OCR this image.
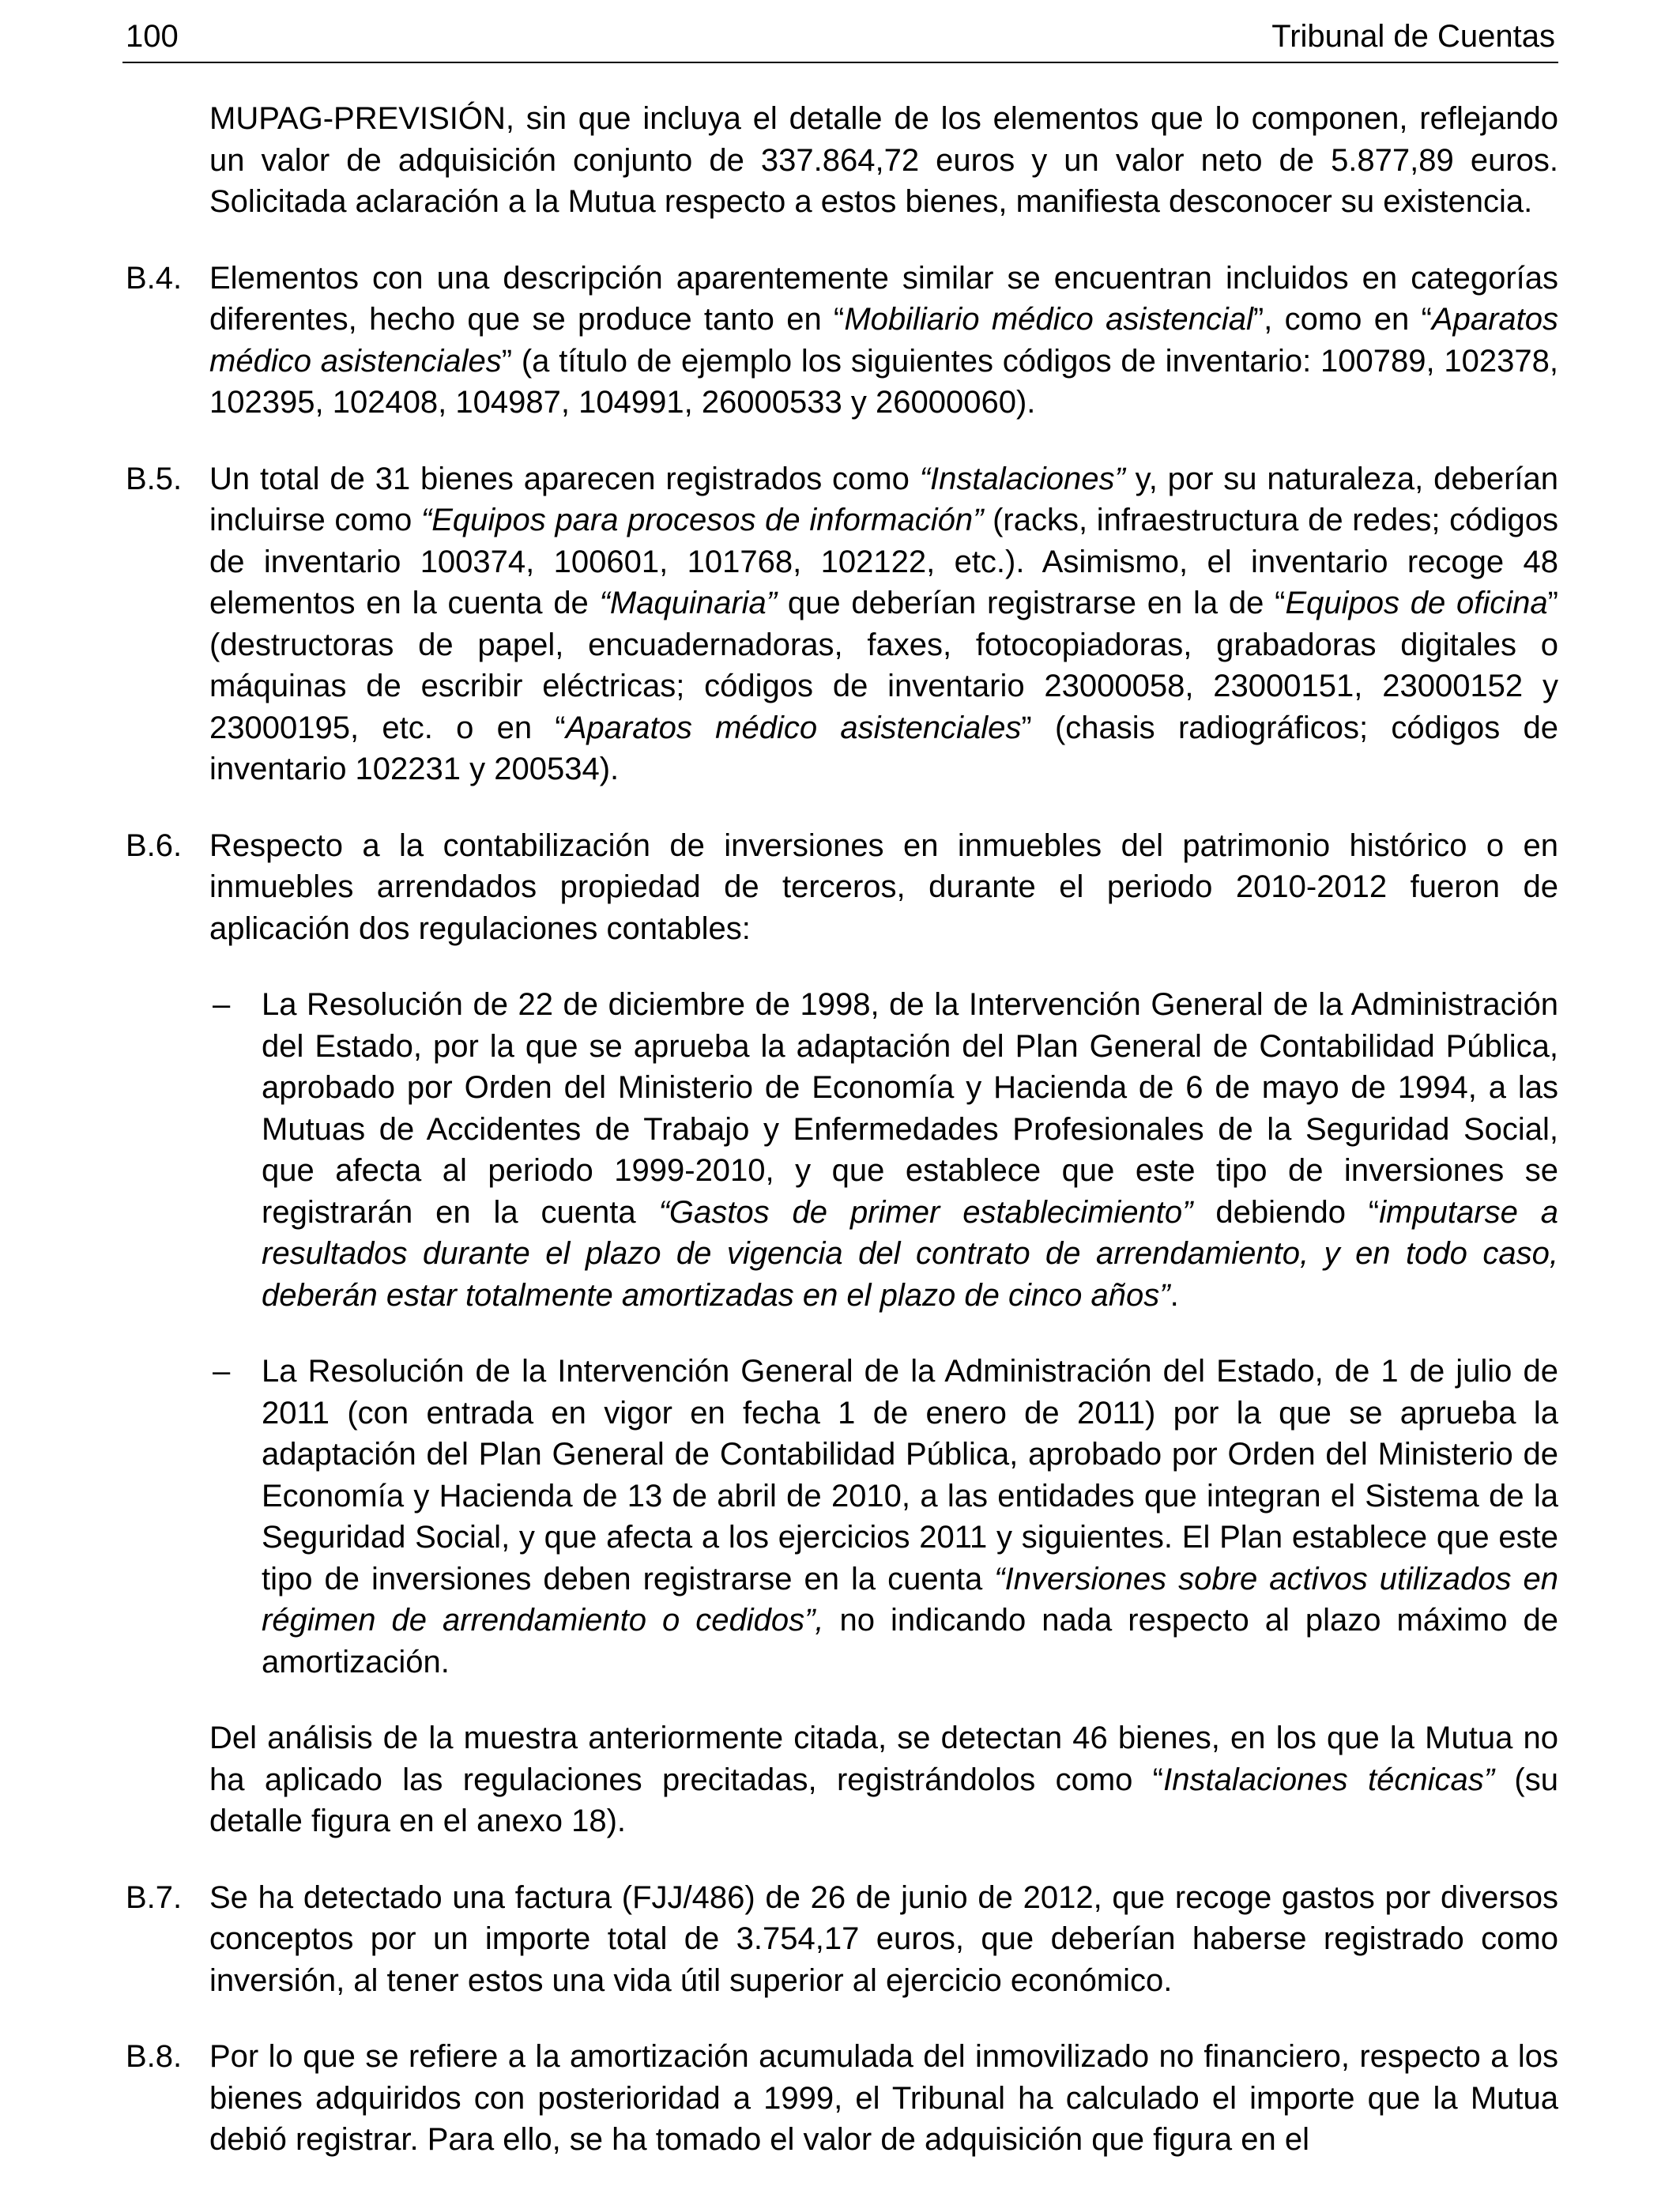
100	Tribunal de Cuentas
MUPAG-PREVISIÓN, sin que incluya el detalle de los elementos que lo componen, reflejando un valor de adquisición conjunto de 337.864,72 euros y un valor neto de 5.877,89 euros. Solicitada aclaración a la Mutua respecto a estos bienes, manifiesta desconocer su existencia.
B.4. Elementos con una descripción aparentemente similar se encuentran incluidos en categorías diferentes, hecho que se produce tanto en “Mobiliario médico asistencial”, como en “Aparatos médico asistenciales” (a título de ejemplo los siguientes códigos de inventario: 100789, 102378, 102395, 102408, 104987, 104991, 26000533 y 26000060).
B.5. Un total de 31 bienes aparecen registrados como “Instalaciones” y, por su naturaleza, deberían incluirse como “Equipos para procesos de información” (racks, infraestructura de redes; códigos de inventario 100374, 100601, 101768, 102122, etc.). Asimismo, el inventario recoge 48 elementos en la cuenta de “Maquinaria” que deberían registrarse en la de “Equipos de oficina” (destructoras de papel, encuadernadoras, faxes, fotocopiadoras, grabadoras digitales o máquinas de escribir eléctricas; códigos de inventario 23000058, 23000151, 23000152 y 23000195, etc. o en “Aparatos médico asistenciales” (chasis radiográficos; códigos de inventario 102231 y 200534).
B.6. Respecto a la contabilización de inversiones en inmuebles del patrimonio histórico o en inmuebles arrendados propiedad de terceros, durante el periodo 2010-2012 fueron de aplicación dos regulaciones contables:
– La Resolución de 22 de diciembre de 1998, de la Intervención General de la Administración del Estado, por la que se aprueba la adaptación del Plan General de Contabilidad Pública, aprobado por Orden del Ministerio de Economía y Hacienda de 6 de mayo de 1994, a las Mutuas de Accidentes de Trabajo y Enfermedades Profesionales de la Seguridad Social, que afecta al periodo 1999-2010, y que establece que este tipo de inversiones se registrarán en la cuenta “Gastos de primer establecimiento” debiendo “imputarse a resultados durante el plazo de vigencia del contrato de arrendamiento, y en todo caso, deberán estar totalmente amortizadas en el plazo de cinco años”.
– La Resolución de la Intervención General de la Administración del Estado, de 1 de julio de 2011 (con entrada en vigor en fecha 1 de enero de 2011) por la que se aprueba la adaptación del Plan General de Contabilidad Pública, aprobado por Orden del Ministerio de Economía y Hacienda de 13 de abril de 2010, a las entidades que integran el Sistema de la Seguridad Social, y que afecta a los ejercicios 2011 y siguientes. El Plan establece que este tipo de inversiones deben registrarse en la cuenta “Inversiones sobre activos utilizados en régimen de arrendamiento o cedidos”, no indicando nada respecto al plazo máximo de amortización.
Del análisis de la muestra anteriormente citada, se detectan 46 bienes, en los que la Mutua no ha aplicado las regulaciones precitadas, registrándolos como “Instalaciones técnicas” (su detalle figura en el anexo 18).
B.7. Se ha detectado una factura (FJJ/486) de 26 de junio de 2012, que recoge gastos por diversos conceptos por un importe total de 3.754,17 euros, que deberían haberse registrado como inversión, al tener estos una vida útil superior al ejercicio económico.
B.8. Por lo que se refiere a la amortización acumulada del inmovilizado no financiero, respecto a los bienes adquiridos con posterioridad a 1999, el Tribunal ha calculado el importe que la Mutua debió registrar. Para ello, se ha tomado el valor de adquisición que figura en el
